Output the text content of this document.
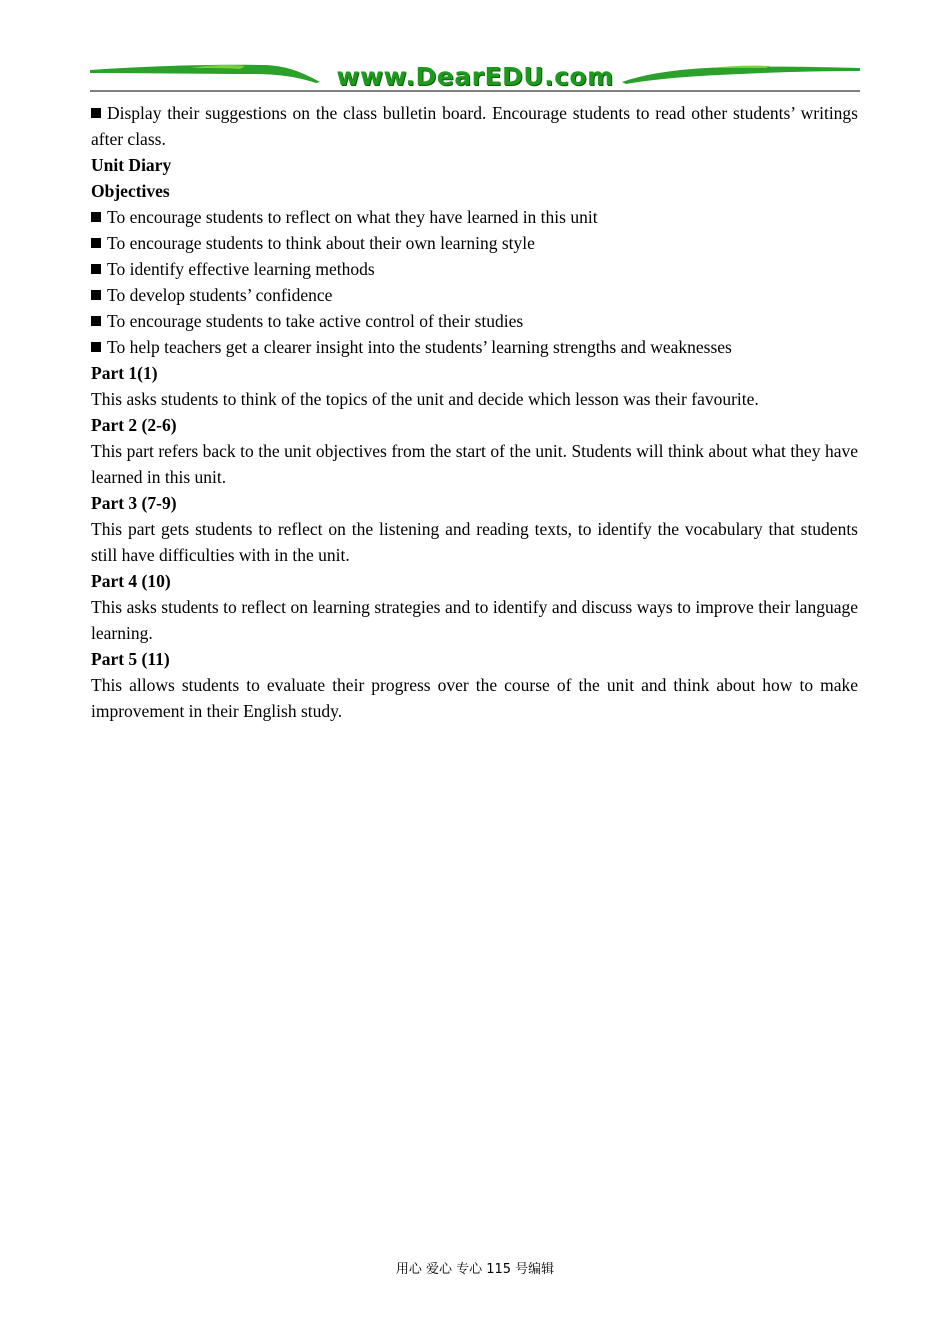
www.DearEDU.com

Display their suggestions on the class bulletin board. Encourage students to read other students’ writings after class.

Unit Diary

Objectives

To encourage students to reflect on what they have learned in this unit

To encourage students to think about their own learning style

To identify effective learning methods

To develop students’ confidence

To encourage students to take active control of their studies

To help teachers get a clearer insight into the students’ learning strengths and weaknesses

Part 1(1)

This asks students to think of the topics of the unit and decide which lesson was their favourite.

Part 2 (2-6)

This part refers back to the unit objectives from the start of the unit. Students will think about what they have learned in this unit.

Part 3 (7-9)

This part gets students to reflect on the listening and reading texts, to identify the vocabulary that students still have difficulties with in the unit.

Part 4 (10)

This asks students to reflect on learning strategies and to identify and discuss ways to improve their language learning.

Part 5 (11)

This allows students to evaluate their progress over the course of the unit and think about how to make improvement in their English study.

用心 爱心 专心 115 号编辑
